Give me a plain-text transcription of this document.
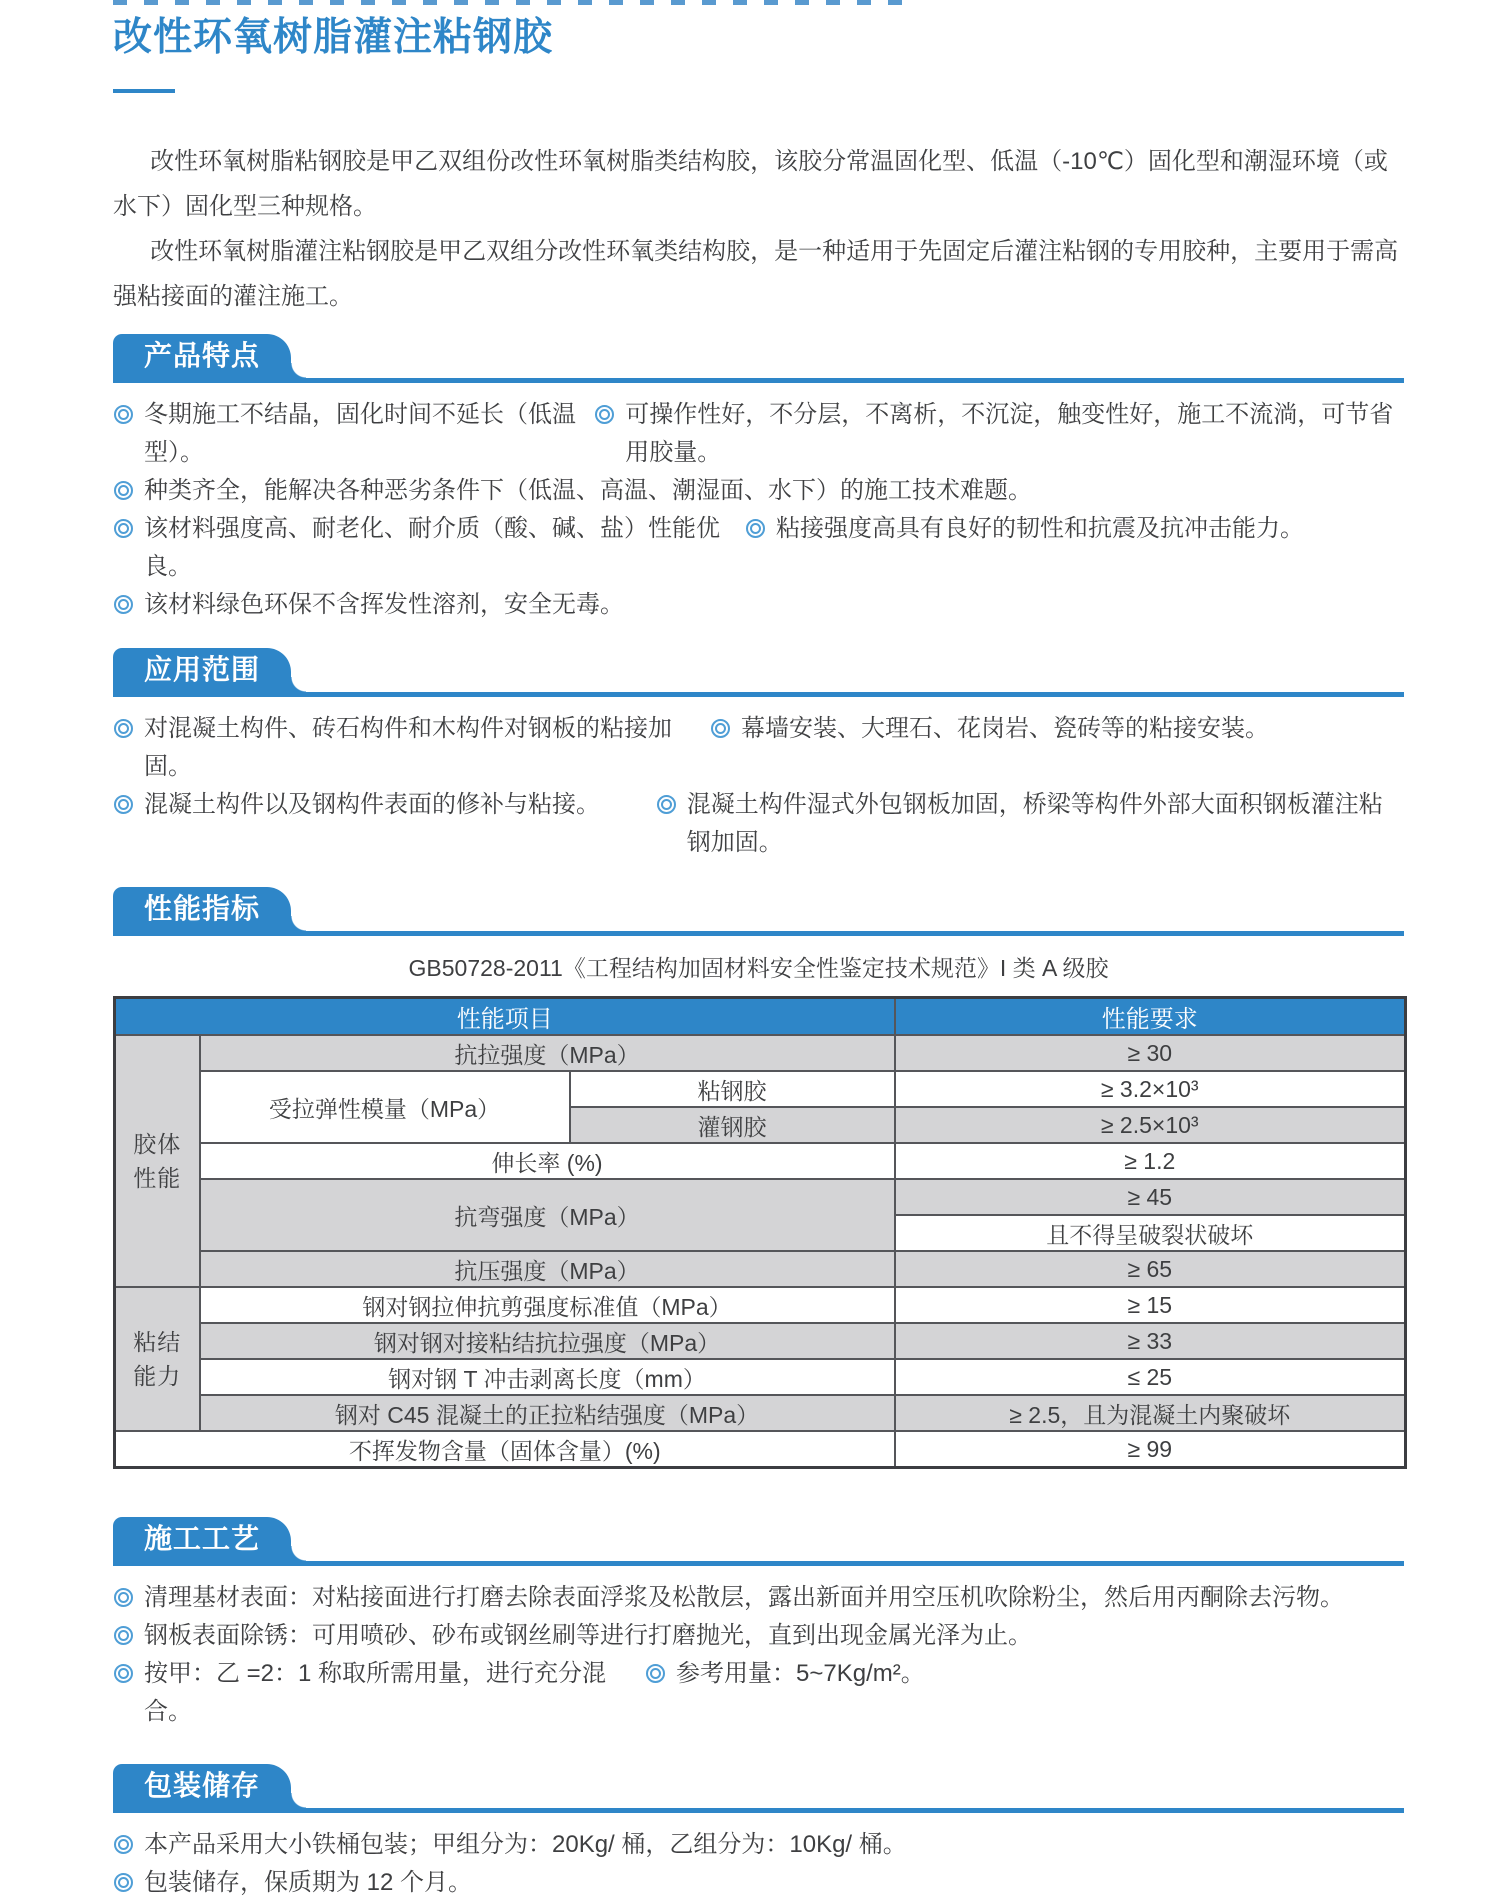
改性环氧树脂灌注粘钢胶

改性环氧树脂粘钢胶是甲乙双组份改性环氧树脂类结构胶，该胶分常温固化型、低温（-10℃）固化型和潮湿环境（或水下）固化型三种规格。

改性环氧树脂灌注粘钢胶是甲乙双组分改性环氧类结构胶，是一种适用于先固定后灌注粘钢的专用胶种，主要用于需高强粘接面的灌注施工。

产品特点
冬期施工不结晶，固化时间不延长（低温型）。
可操作性好，不分层，不离析，不沉淀，触变性好，施工不流淌，可节省用胶量。
种类齐全，能解决各种恶劣条件下（低温、高温、潮湿面、水下）的施工技术难题。
该材料强度高、耐老化、耐介质（酸、碱、盐）性能优良。
粘接强度高具有良好的韧性和抗震及抗冲击能力。
该材料绿色环保不含挥发性溶剂，安全无毒。
应用范围
对混凝土构件、砖石构件和木构件对钢板的粘接加固。
幕墙安装、大理石、花岗岩、瓷砖等的粘接安装。
混凝土构件以及钢构件表面的修补与粘接。	混凝土构件湿式外包钢板加固，桥梁等构件外部大面积钢板灌注粘钢加固。
性能指标
GB50728-2011《工程结构加固材料安全性鉴定技术规范》I 类 A 级胶
性能项目			性能要求
胶体性能	抗拉强度（MPa）		≥ 30
	受拉弹性模量（MPa）	粘钢胶	≥ 3.2×10³
		灌钢胶	≥ 2.5×10³
	伸长率 (%)		≥ 1.2
	抗弯强度（MPa）		≥ 45
			且不得呈破裂状破坏
	抗压强度（MPa）		≥ 65
粘结能力	钢对钢拉伸抗剪强度标准值（MPa）		≥ 15
	钢对钢对接粘结抗拉强度（MPa）		≥ 33
	钢对钢 T 冲击剥离长度（mm）		≤ 25
	钢对 C45 混凝土的正拉粘结强度（MPa）		≥ 2.5，且为混凝土内聚破坏
不挥发物含量（固体含量）(%)			≥ 99
施工工艺
清理基材表面：对粘接面进行打磨去除表面浮浆及松散层，露出新面并用空压机吹除粉尘，然后用丙酮除去污物。
钢板表面除锈：可用喷砂、砂布或钢丝刷等进行打磨抛光，直到出现金属光泽为止。
按甲：乙 =2：1 称取所需用量，进行充分混合。
参考用量：5~7Kg/m²。
包装储存
本产品采用大小铁桶包装；甲组分为：20Kg/ 桶，乙组分为：10Kg/ 桶。
包装储存，保质期为 12 个月。
